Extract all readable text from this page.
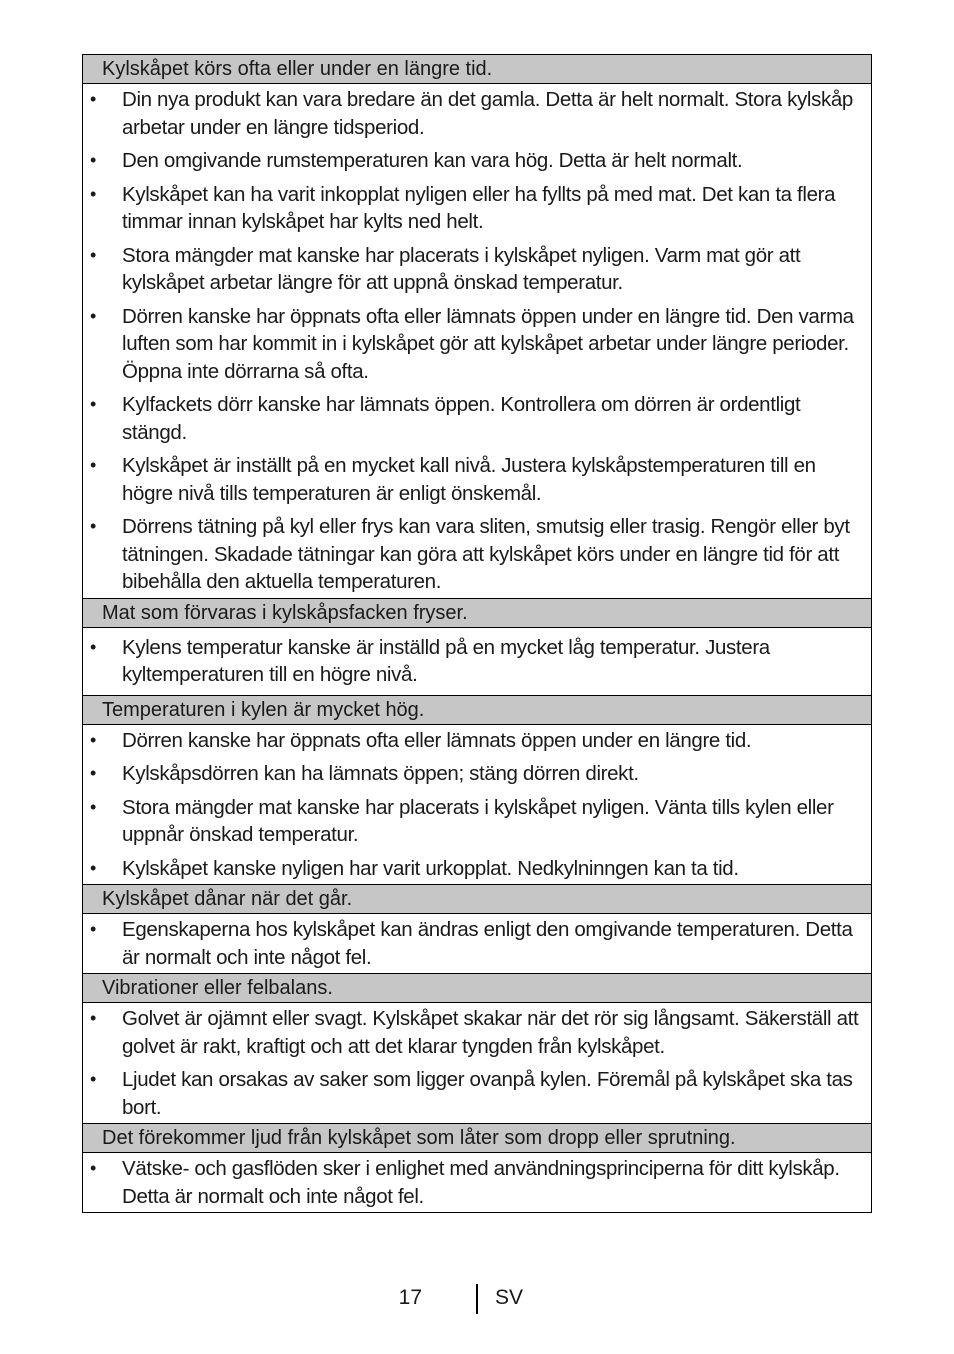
Kylskåpet körs ofta eller under en längre tid.
• Din nya produkt kan vara bredare än det gamla. Detta är helt normalt. Stora kylskåp arbetar under en längre tidsperiod.
• Den omgivande rumstemperaturen kan vara hög. Detta är helt normalt.
• Kylskåpet kan ha varit inkopplat nyligen eller ha fyllts på med mat. Det kan ta flera timmar innan kylskåpet har kylts ned helt.
• Stora mängder mat kanske har placerats i kylskåpet nyligen. Varm mat gör att kylskåpet arbetar längre för att uppnå önskad temperatur.
• Dörren kanske har öppnats ofta eller lämnats öppen under en längre tid. Den varma luften som har kommit in i kylskåpet gör att kylskåpet arbetar under längre perioder. Öppna inte dörrarna så ofta.
• Kylfackets dörr kanske har lämnats öppen. Kontrollera om dörren är ordentligt stängd.
• Kylskåpet är inställt på en mycket kall nivå. Justera kylskåpstemperaturen till en högre nivå tills temperaturen är enligt önskemål.
• Dörrens tätning på kyl eller frys kan vara sliten, smutsig eller trasig. Rengör eller byt tätningen. Skadade tätningar kan göra att kylskåpet körs under en längre tid för att bibehålla den aktuella temperaturen.
Mat som förvaras i kylskåpsfacken fryser.
• Kylens temperatur kanske är inställd på en mycket låg temperatur. Justera kyltemperaturen till en högre nivå.
Temperaturen i kylen är mycket hög.
• Dörren kanske har öppnats ofta eller lämnats öppen under en längre tid.
• Kylskåpsdörren kan ha lämnats öppen; stäng dörren direkt.
• Stora mängder mat kanske har placerats i kylskåpet nyligen. Vänta tills kylen eller uppnår önskad temperatur.
• Kylskåpet kanske nyligen har varit urkopplat. Nedkylninngen kan ta tid.
Kylskåpet dånar när det går.
• Egenskaperna hos kylskåpet kan ändras enligt den omgivande temperaturen. Detta är normalt och inte något fel.
Vibrationer eller felbalans.
• Golvet är ojämnt eller svagt. Kylskåpet skakar när det rör sig långsamt. Säkerställ att golvet är rakt, kraftigt och att det klarar tyngden från kylskåpet.
• Ljudet kan orsakas av saker som ligger ovanpå kylen. Föremål på kylskåpet ska tas bort.
Det förekommer ljud från kylskåpet som låter som dropp eller sprutning.
• Vätske- och gasflöden sker i enlighet med användningsprinciperna för ditt kylskåp. Detta är normalt och inte något fel.
17	SV
